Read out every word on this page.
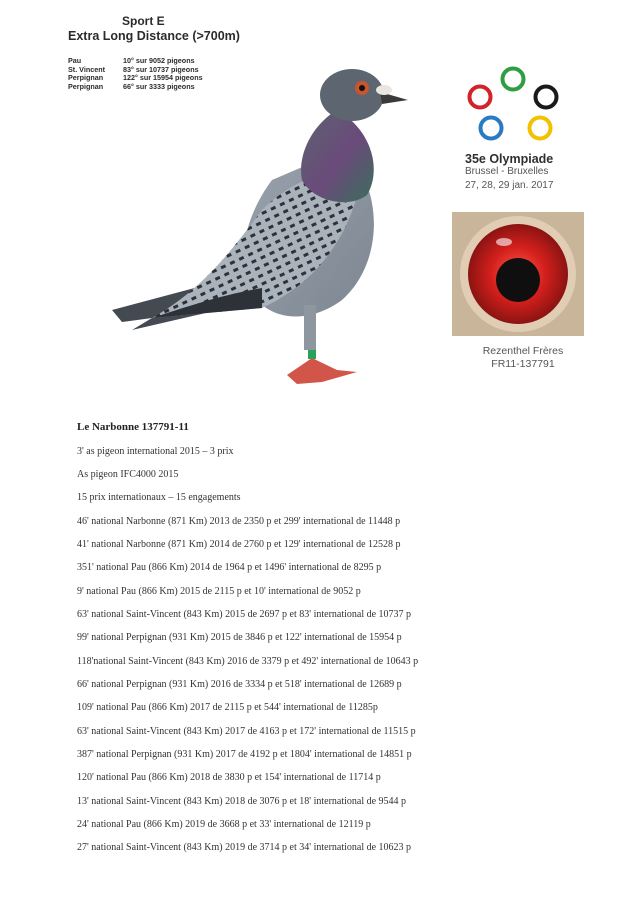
Sport E
Extra Long Distance (>700m)
Pau	10° sur 9052 pigeons
St. Vincent 83° sur 10737 pigeons
Perpignan	122° sur 15954 pigeons
Perpignan	66° sur 3333 pigeons
35e Olympiade
Brussel - Bruxelles
27, 28, 29 jan. 2017
Rezenthel Frères
FR11-137791
Le Narbonne 137791-11
3' as pigeon international 2015 – 3 prix
As pigeon IFC4000 2015
15 prix internationaux – 15 engagements
46' national Narbonne (871 Km) 2013 de 2350 p et 299' international de 11448 p
41' national Narbonne (871 Km) 2014 de 2760 p et 129' international de 12528 p
351' national Pau (866 Km) 2014 de 1964 p et 1496' international de 8295 p
9' national Pau (866 Km) 2015 de 2115 p et 10' international de 9052 p
63' national Saint-Vincent (843 Km) 2015 de 2697 p et 83' international de 10737 p
99' national Perpignan (931 Km) 2015 de 3846 p et 122' international de 15954 p
118'national Saint-Vincent (843 Km) 2016 de 3379 p et 492' international de 10643 p
66' national Perpignan (931 Km) 2016 de 3334 p et 518' international de 12689 p
109' national Pau (866 Km) 2017 de 2115 p et 544' international de 11285p
63' national Saint-Vincent (843 Km) 2017 de 4163 p et 172' international de 11515 p
387' national Perpignan (931 Km) 2017 de 4192 p et 1804' international de 14851 p
120' national Pau (866 Km) 2018 de 3830 p et 154' international de 11714 p
13' national Saint-Vincent (843 Km) 2018 de 3076 p et 18' international de 9544 p
24' national Pau (866 Km) 2019 de 3668 p et 33' international de 12119 p
27' national Saint-Vincent (843 Km) 2019 de 3714 p et 34' international de 10623 p
